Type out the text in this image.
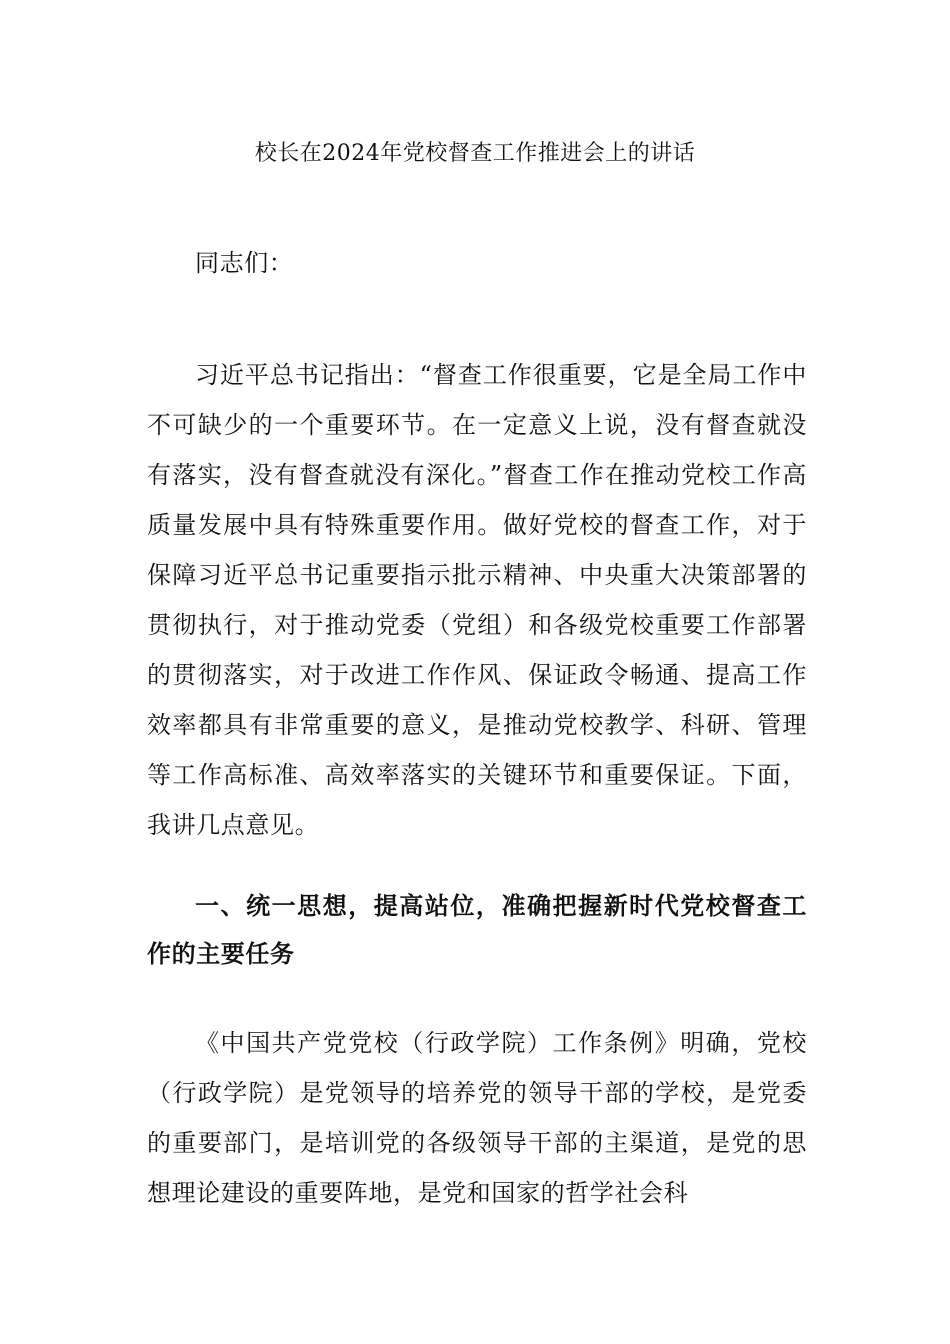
校长在2024年党校督查工作推进会上的讲话

同志们：

习近平总书记指出：“督查工作很重要，它是全局工作中不可缺少的一个重要环节。在一定意义上说，没有督查就没有落实，没有督查就没有深化。”督查工作在推动党校工作高质量发展中具有特殊重要作用。做好党校的督查工作，对于保障习近平总书记重要指示批示精神、中央重大决策部署的贯彻执行，对于推动党委（党组）和各级党校重要工作部署的贯彻落实，对于改进工作作风、保证政令畅通、提高工作效率都具有非常重要的意义，是推动党校教学、科研、管理等工作高标准、高效率落实的关键环节和重要保证。下面，我讲几点意见。

一、统一思想，提高站位，准确把握新时代党校督查工作的主要任务

《中国共产党党校（行政学院）工作条例》明确，党校（行政学院）是党领导的培养党的领导干部的学校，是党委的重要部门，是培训党的各级领导干部的主渠道，是党的思想理论建设的重要阵地，是党和国家的哲学社会科
